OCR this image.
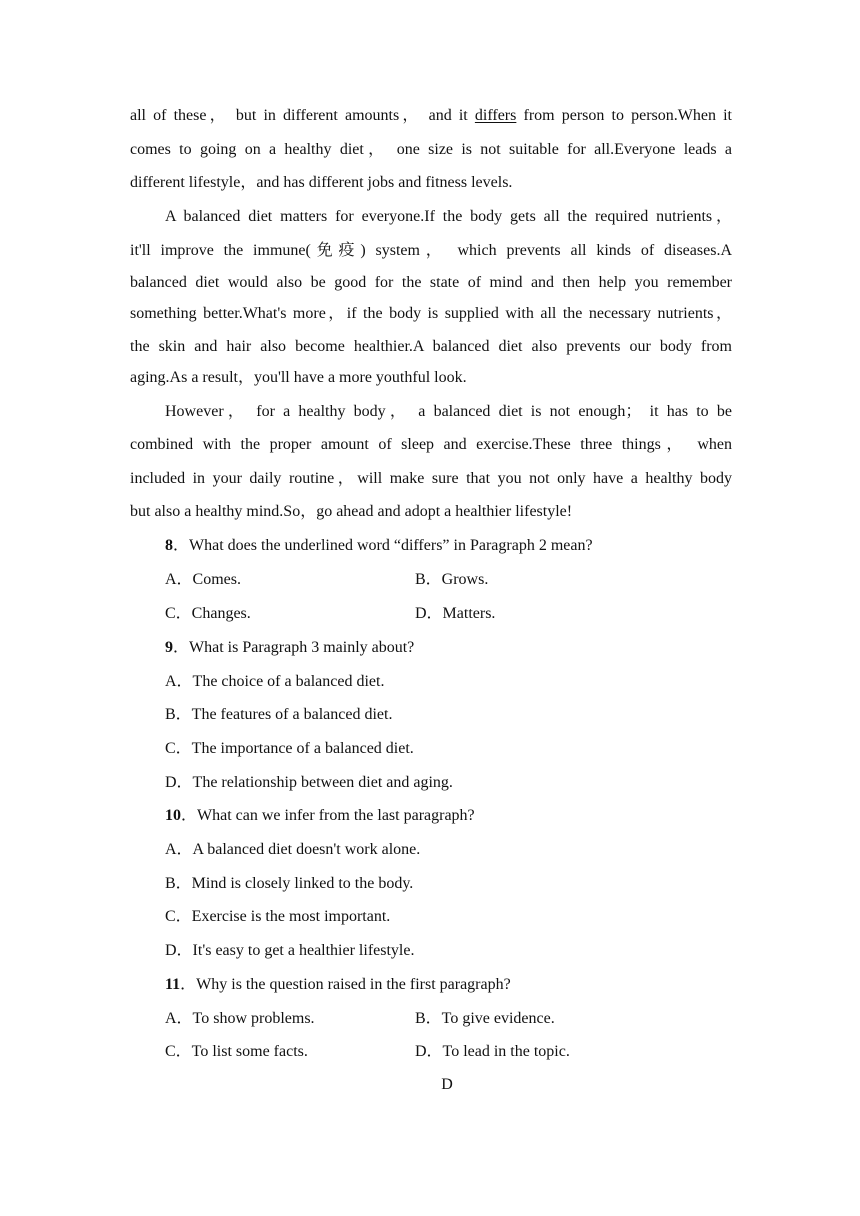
all of these， but in different amounts， and it differs from person to person.When it
comes to going on a healthy diet， one size is not suitable for all.Everyone leads a
different lifestyle，and has different jobs and fitness levels.
A balanced diet matters for everyone.If the body gets all the required nutrients，
it'll improve the immune(免疫) system， which prevents all kinds of diseases.A
balanced diet would also be good for the state of mind and then help you remember
something better.What's more，if the body is supplied with all the necessary nutrients，
the skin and hair also become healthier.A balanced diet also prevents our body from
aging.As a result，you'll have a more youthful look.
However， for a healthy body， a balanced diet is not enough； it has to be
combined with the proper amount of sleep and exercise.These three things， when
included in your daily routine，will make sure that you not only have a healthy body
but also a healthy mind.So，go ahead and adopt a healthier lifestyle!
8．What does the underlined word “differs” in Paragraph 2 mean?
A．Comes.	B．Grows.
C．Changes.	D．Matters.
9．What is Paragraph 3 mainly about?
A．The choice of a balanced diet.
B．The features of a balanced diet.
C．The importance of a balanced diet.
D．The relationship between diet and aging.
10．What can we infer from the last paragraph?
A．A balanced diet doesn't work alone.
B．Mind is closely linked to the body.
C．Exercise is the most important.
D．It's easy to get a healthier lifestyle.
11．Why is the question raised in the first paragraph?
A．To show problems.	B．To give evidence.
C．To list some facts.	D．To lead in the topic.
D
